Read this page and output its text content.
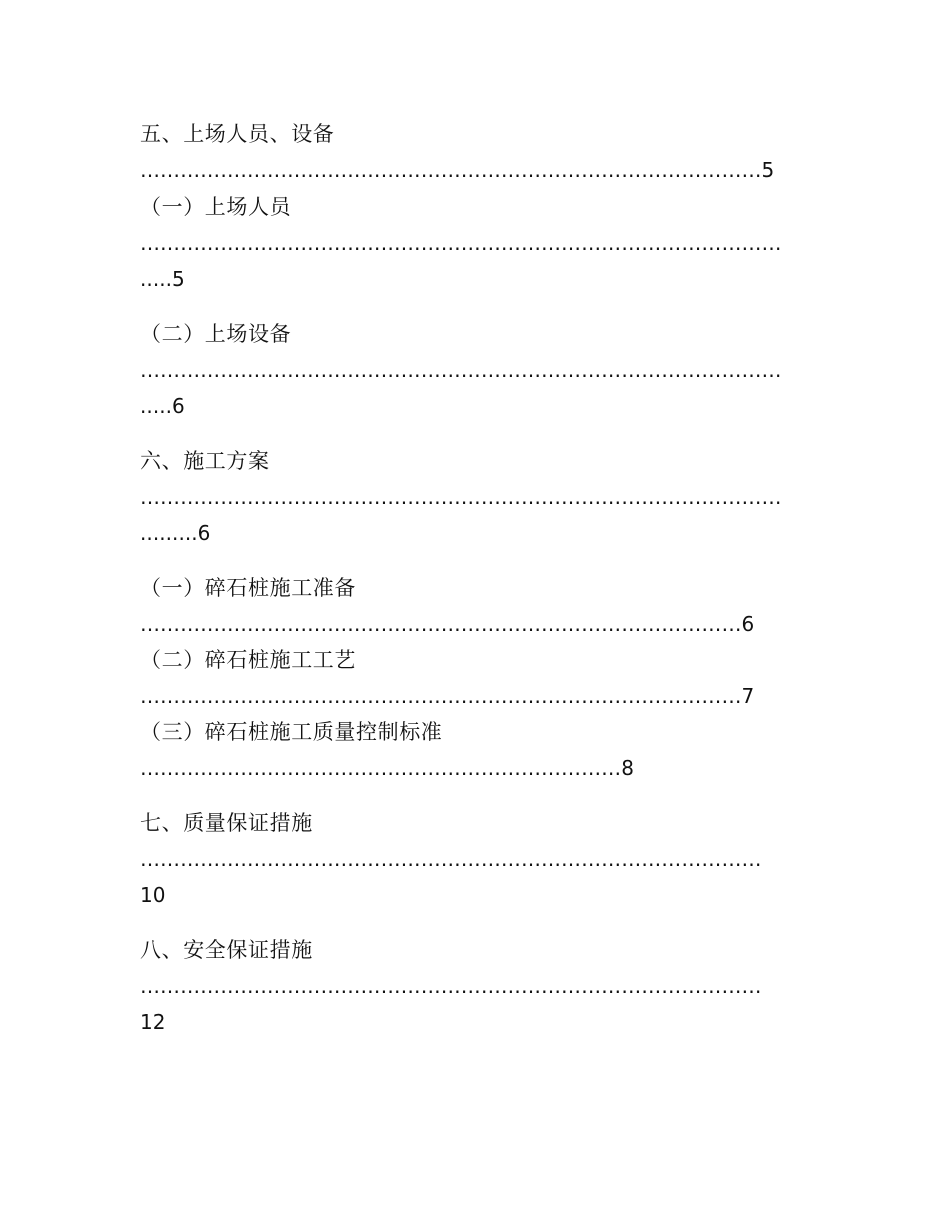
五、上场人员、设备
…………………………………………………………………………………5
（一）上场人员
……………………………………………………………………………………
.....5
（二）上场设备
……………………………………………………………………………………
.....6
六、施工方案
……………………………………………………………………………………
.........6
（一）碎石桩施工准备
………………………………………………………………………………6
（二）碎石桩施工工艺
………………………………………………………………………………7
（三）碎石桩施工质量控制标准
………………………………………………………………8
七、质量保证措施
…………………………………………………………………………………
10
八、安全保证措施
…………………………………………………………………………………
12
